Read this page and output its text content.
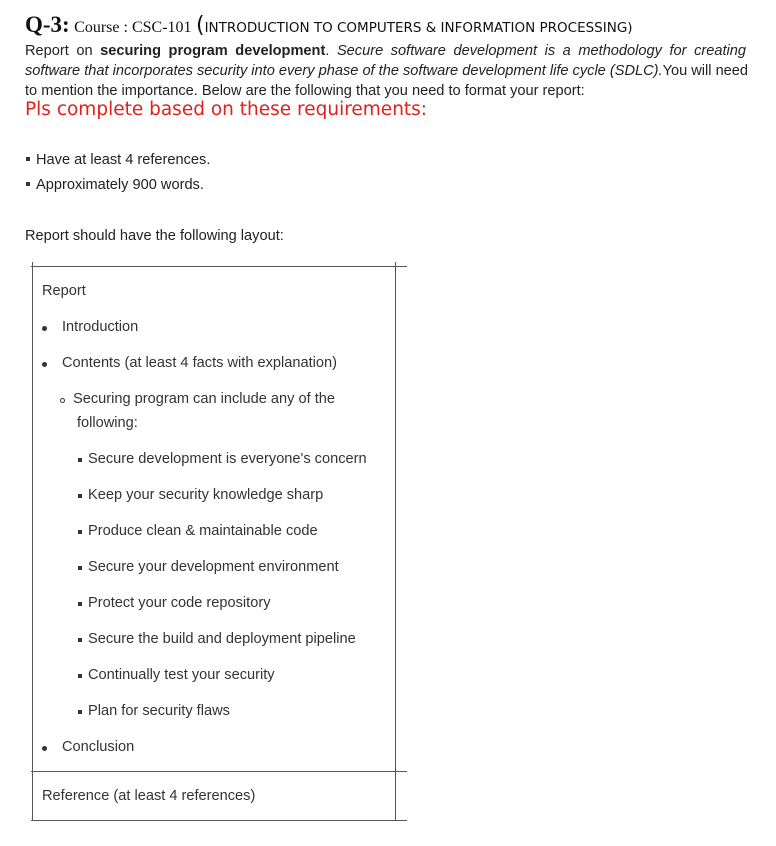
Q-3: Course : CSC-101 (INTRODUCTION TO COMPUTERS & INFORMATION PROCESSING)
Report on securing program development. Secure software development is a methodology for creating
software that incorporates security into every phase of the software development life cycle (SDLC).You will need
to mention the importance. Below are the following that you need to format your report:
Pls complete based on these requirements:
Have at least 4 references.
Approximately 900 words.
Report should have the following layout:
Report
Introduction
Contents (at least 4 facts with explanation)
Securing program can include any of the
following:
Secure development is everyone's concern
Keep your security knowledge sharp
Produce clean & maintainable code
Secure your development environment
Protect your code repository
Secure the build and deployment pipeline
Continually test your security
Plan for security flaws
Conclusion
Reference (at least 4 references)
